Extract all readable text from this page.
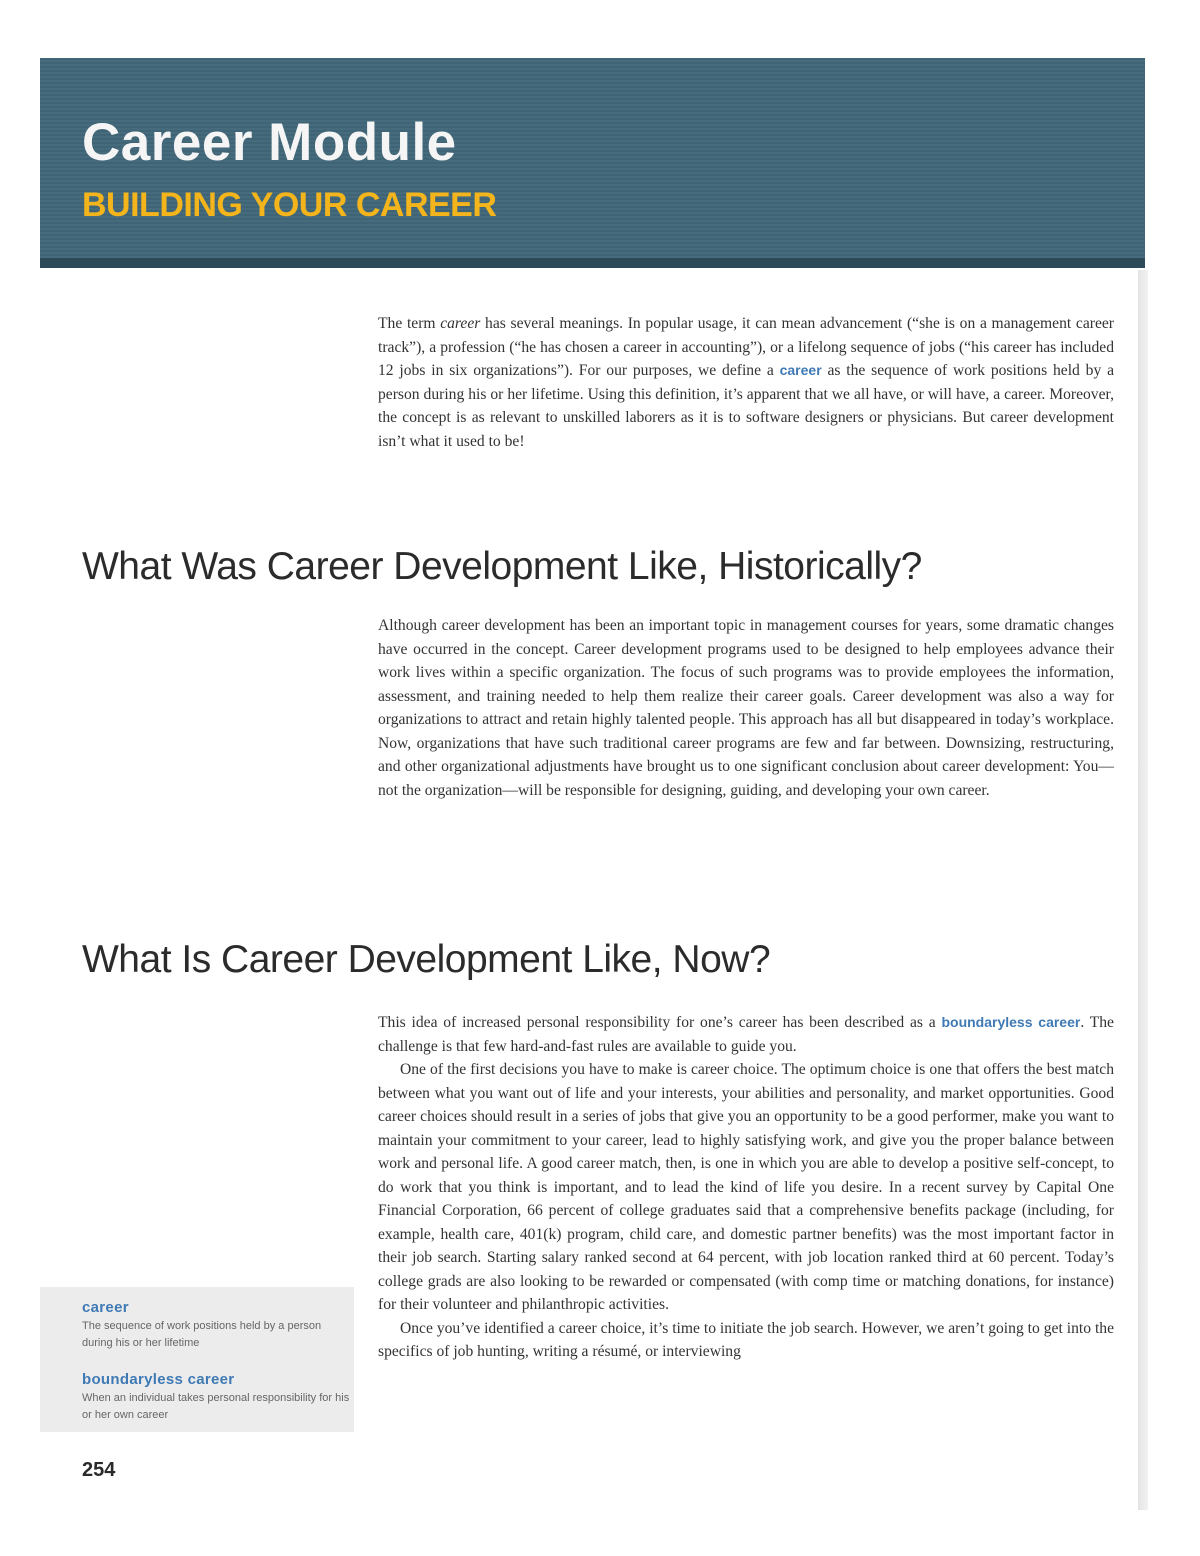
Career Module
BUILDING YOUR CAREER

The term career has several meanings. In popular usage, it can mean advancement (“she is on a management career track”), a profession (“he has chosen a career in accounting”), or a lifelong sequence of jobs (“his career has included 12 jobs in six organizations”). For our purposes, we define a career as the sequence of work positions held by a person during his or her lifetime. Using this definition, it’s apparent that we all have, or will have, a career. Moreover, the concept is as relevant to unskilled laborers as it is to software designers or physicians. But career development isn’t what it used to be!

What Was Career Development Like, Historically?

Although career development has been an important topic in management courses for years, some dramatic changes have occurred in the concept. Career development programs used to be designed to help employees advance their work lives within a specific organization. The focus of such programs was to provide employees the information, assessment, and training needed to help them realize their career goals. Career development was also a way for organizations to attract and retain highly talented people. This approach has all but disappeared in today’s workplace. Now, organizations that have such traditional career programs are few and far between. Downsizing, restructuring, and other organizational adjustments have brought us to one significant conclusion about career development: You—not the organization—will be responsible for designing, guiding, and developing your own career.

What Is Career Development Like, Now?

This idea of increased personal responsibility for one’s career has been described as a boundaryless career. The challenge is that few hard-and-fast rules are available to guide you.

One of the first decisions you have to make is career choice. The optimum choice is one that offers the best match between what you want out of life and your interests, your abilities and personality, and market opportunities. Good career choices should result in a series of jobs that give you an opportunity to be a good performer, make you want to maintain your commitment to your career, lead to highly satisfying work, and give you the proper balance between work and personal life. A good career match, then, is one in which you are able to develop a positive self-concept, to do work that you think is important, and to lead the kind of life you desire. In a recent survey by Capital One Financial Corporation, 66 percent of college graduates said that a comprehensive benefits package (including, for example, health care, 401(k) program, child care, and domestic partner benefits) was the most important factor in their job search. Starting salary ranked second at 64 percent, with job location ranked third at 60 percent. Today’s college grads are also looking to be rewarded or compensated (with comp time or matching donations, for instance) for their volunteer and philanthropic activities.

Once you’ve identified a career choice, it’s time to initiate the job search. However, we aren’t going to get into the specifics of job hunting, writing a résumé, or interviewing

career

The sequence of work positions held by a person during his or her lifetime

boundaryless career

When an individual takes personal responsibility for his or her own career

254
